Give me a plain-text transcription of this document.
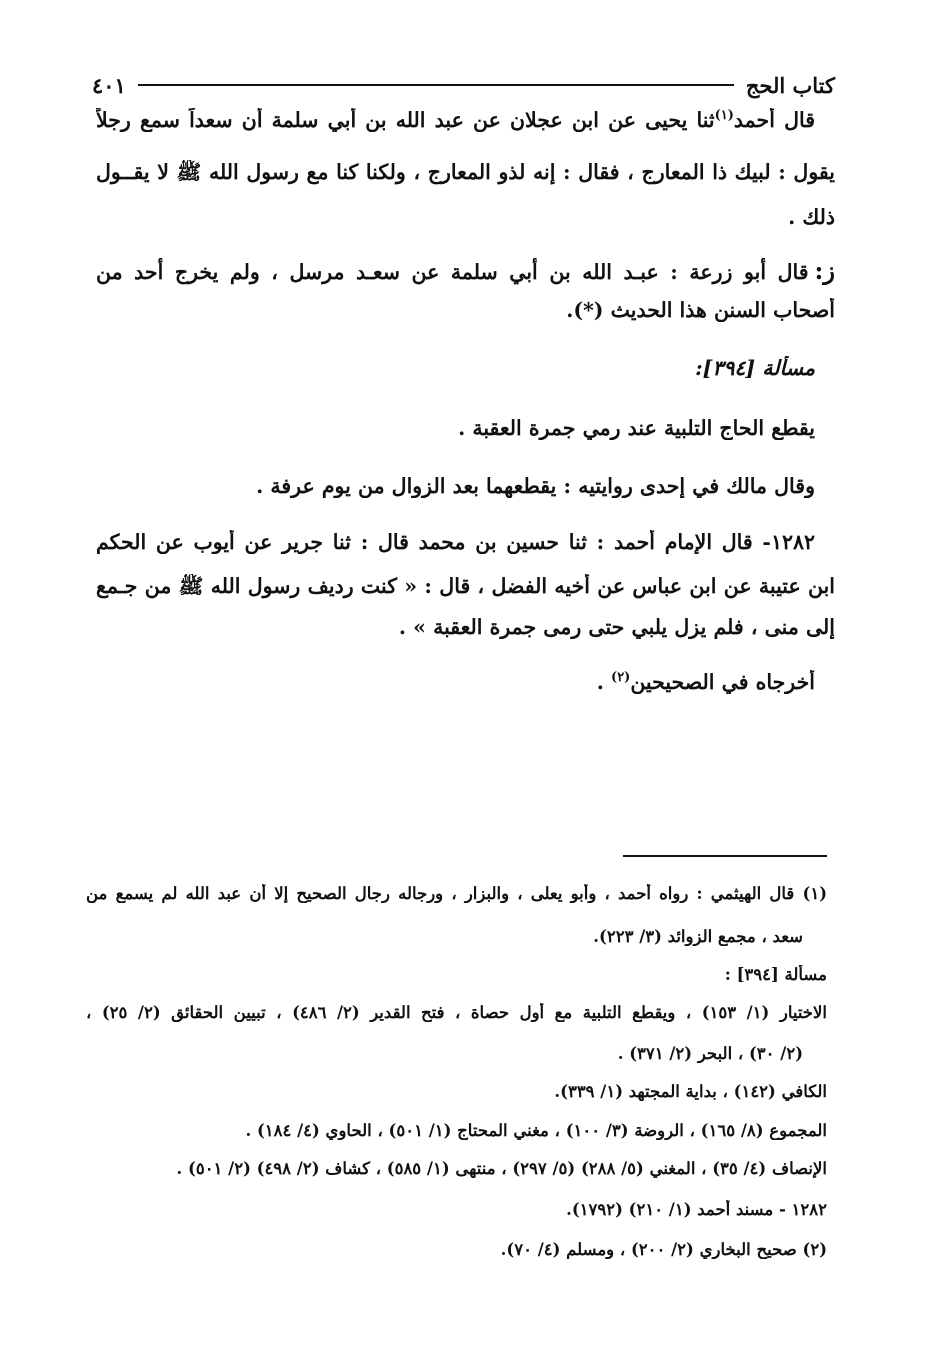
كتاب الحج
٤٠١
قال أحمد$^{(١)}$ثنا يحيى عن ابن عجلان عن عبد الله بن أبي سلمة أن سعداً سمع رجلاً
يقول : لبيك ذا المعارج ، فقال : إنه لذو المعارج ، ولكنا كنا مع رسول الله ﷺ لا يقــول
ذلك .
ز:قال أبو زرعة : عبـد الله بن أبي سلمة عن سعـد مرسل ، ولم يخرج أحد من
أصحاب السنن هذا الحديث (*).
مسألة [٣٩٤]:
يقطع الحاج التلبية عند رمي جمرة العقبة .
وقال مالك في إحدى روايتيه : يقطعهما بعد الزوال من يوم عرفة .
١٢٨٢- قال الإمام أحمد : ثنا حسين بن محمد قال : ثنا جرير عن أيوب عن الحكم
ابن عتيبة عن ابن عباس عن أخيه الفضل ، قال : « كنت رديف رسول الله ﷺ من جـمع
إلى منى ، فلم يزل يلبي حتى رمى جمرة العقبة » .
أخرجاه في الصحيحين$^{(٢)}$ .
(١) قال الهيثمي : رواه أحمد ، وأبو يعلى ، والبزار ، ورجاله رجال الصحيح إلا أن عبد الله لم يسمع من
سعد ، مجمع الزوائد (٣/ ٢٢٣).
مسألة [٣٩٤] :
الاختيار (١/ ١٥٣) ، ويقطع التلبية مع أول حصاة ، فتح القدير (٢/ ٤٨٦) ، تبيين الحقائق (٢/ ٢٥) ،
(٢/ ٣٠) ، البحر (٢/ ٣٧١) .
الكافي (١٤٢) ، بداية المجتهد (١/ ٣٣٩).
المجموع (٨/ ١٦٥) ، الروضة (٣/ ١٠٠) ، مغني المحتاج (١/ ٥٠١) ، الحاوي (٤/ ١٨٤) .
الإنصاف (٤/ ٣٥) ، المغني (٥/ ٢٨٨) (٥/ ٢٩٧) ، منتهى (١/ ٥٨٥) ، كشاف (٢/ ٤٩٨) (٢/ ٥٠١) .
١٢٨٢ - مسند أحمد (١/ ٢١٠) (١٧٩٢).
(٢) صحيح البخاري (٢/ ٢٠٠) ، ومسلم (٤/ ٧٠).
